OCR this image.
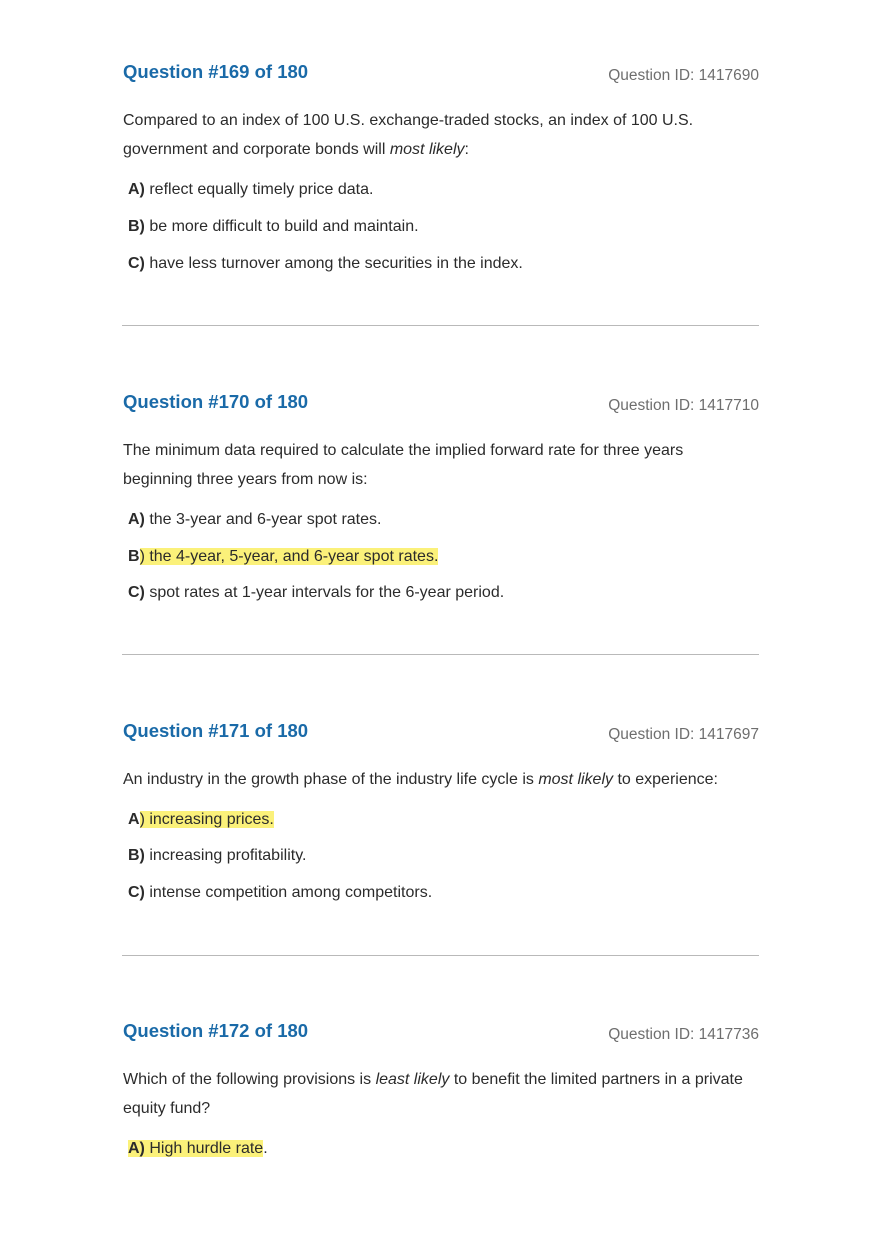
Question #169 of 180	Question ID: 1417690
Compared to an index of 100 U.S. exchange-traded stocks, an index of 100 U.S. government and corporate bonds will most likely:
A) reflect equally timely price data.
B) be more difficult to build and maintain.
C) have less turnover among the securities in the index.
Question #170 of 180	Question ID: 1417710
The minimum data required to calculate the implied forward rate for three years beginning three years from now is:
A) the 3-year and 6-year spot rates.
B) the 4-year, 5-year, and 6-year spot rates.
C) spot rates at 1-year intervals for the 6-year period.
Question #171 of 180	Question ID: 1417697
An industry in the growth phase of the industry life cycle is most likely to experience:
A) increasing prices.
B) increasing profitability.
C) intense competition among competitors.
Question #172 of 180	Question ID: 1417736
Which of the following provisions is least likely to benefit the limited partners in a private equity fund?
A) High hurdle rate.
